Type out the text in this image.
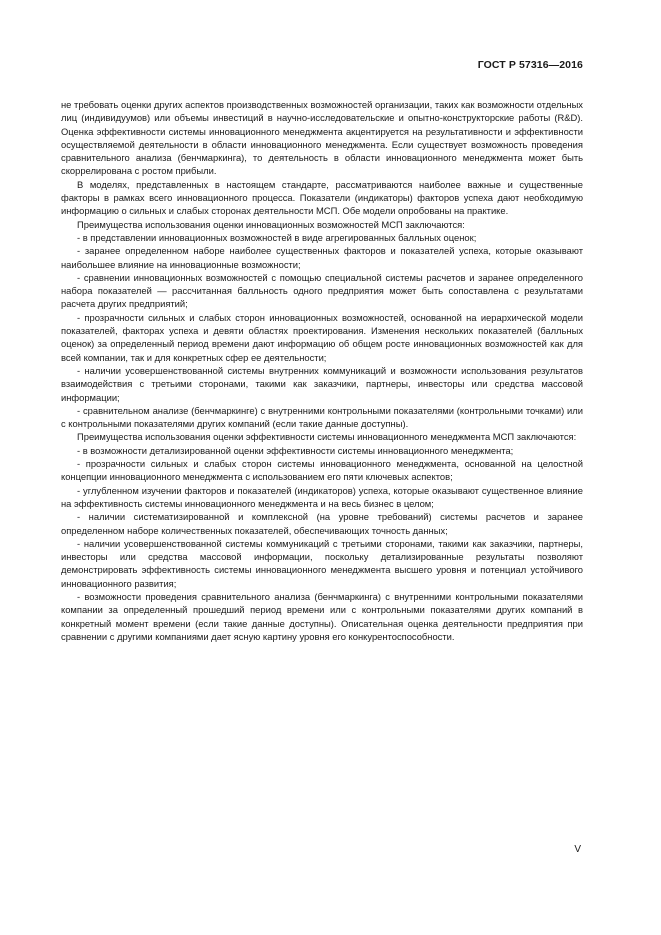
ГОСТ Р 57316—2016

не требовать оценки других аспектов производственных возможностей организации, таких как возможности отдельных лиц (индивидуумов) или объемы инвестиций в научно-исследовательские и опытно-конструкторские работы (R&D). Оценка эффективности системы инновационного менеджмента акцентируется на результативности и эффективности осуществляемой деятельности в области инновационного менеджмента. Если существует возможность проведения сравнительного анализа (бенчмаркинга), то деятельность в области инновационного менеджмента может быть скоррелирована с ростом прибыли.

В моделях, представленных в настоящем стандарте, рассматриваются наиболее важные и существенные факторы в рамках всего инновационного процесса. Показатели (индикаторы) факторов успеха дают необходимую информацию о сильных и слабых сторонах деятельности МСП. Обе модели опробованы на практике.

Преимущества использования оценки инновационных возможностей МСП заключаются:

- в представлении инновационных возможностей в виде агрегированных балльных оценок;

- заранее определенном наборе наиболее существенных факторов и показателей успеха, которые оказывают наибольшее влияние на инновационные возможности;

- сравнении инновационных возможностей с помощью специальной системы расчетов и заранее определенного набора показателей — рассчитанная балльность одного предприятия может быть сопоставлена с результатами расчета других предприятий;

- прозрачности сильных и слабых сторон инновационных возможностей, основанной на иерархической модели показателей, факторах успеха и девяти областях проектирования. Изменения нескольких показателей (балльных оценок) за определенный период времени дают информацию об общем росте инновационных возможностей как для всей компании, так и для конкретных сфер ее деятельности;

- наличии усовершенствованной системы внутренних коммуникаций и возможности использования результатов взаимодействия с третьими сторонами, такими как заказчики, партнеры, инвесторы или средства массовой информации;

- сравнительном анализе (бенчмаркинге) с внутренними контрольными показателями (контрольными точками) или с контрольными показателями других компаний (если такие данные доступны).

Преимущества использования оценки эффективности системы инновационного менеджмента МСП заключаются:

- в возможности детализированной оценки эффективности системы инновационного менеджмента;

- прозрачности сильных и слабых сторон системы инновационного менеджмента, основанной на целостной концепции инновационного менеджмента с использованием его пяти ключевых аспектов;

- углубленном изучении факторов и показателей (индикаторов) успеха, которые оказывают существенное влияние на эффективность системы инновационного менеджмента и на весь бизнес в целом;

- наличии систематизированной и комплексной (на уровне требований) системы расчетов и заранее определенном наборе количественных показателей, обеспечивающих точность данных;

- наличии усовершенствованной системы коммуникаций с третьими сторонами, такими как заказчики, партнеры, инвесторы или средства массовой информации, поскольку детализированные результаты позволяют демонстрировать эффективность системы инновационного менеджмента высшего уровня и потенциал устойчивого инновационного развития;

- возможности проведения сравнительного анализа (бенчмаркинга) с внутренними контрольными показателями компании за определенный прошедший период времени или с контрольными показателями других компаний в конкретный момент времени (если такие данные доступны). Описательная оценка деятельности предприятия при сравнении с другими компаниями дает ясную картину уровня его конкурентоспособности.

V
